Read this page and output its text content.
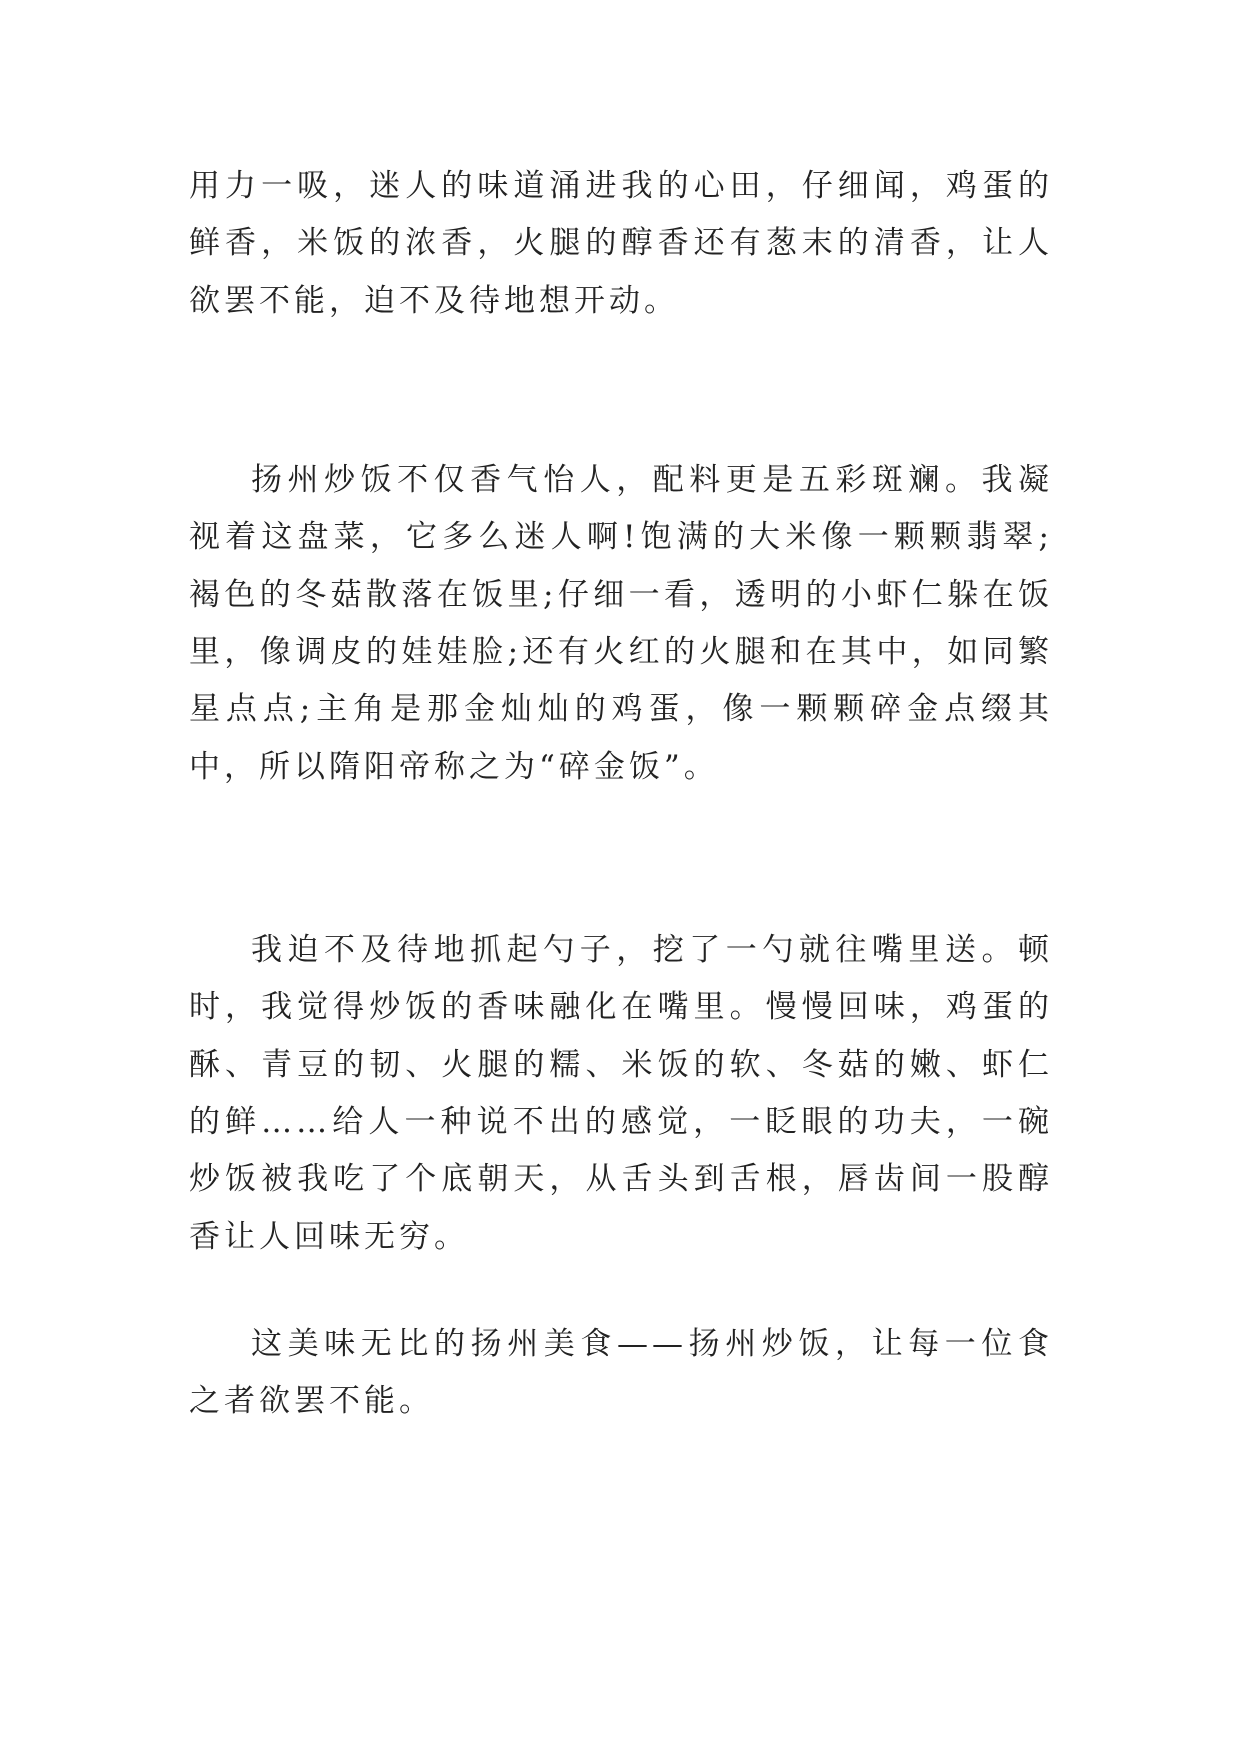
用力一吸，迷人的味道涌进我的心田，仔细闻，鸡蛋的鲜香，米饭的浓香，火腿的醇香还有葱末的清香，让人欲罢不能，迫不及待地想开动。

扬州炒饭不仅香气怡人，配料更是五彩斑斓。我凝视着这盘菜，它多么迷人啊!饱满的大米像一颗颗翡翠;褐色的冬菇散落在饭里;仔细一看，透明的小虾仁躲在饭里，像调皮的娃娃脸;还有火红的火腿和在其中，如同繁星点点;主角是那金灿灿的鸡蛋，像一颗颗碎金点缀其中，所以隋阳帝称之为“碎金饭”。

我迫不及待地抓起勺子，挖了一勺就往嘴里送。顿时，我觉得炒饭的香味融化在嘴里。慢慢回味，鸡蛋的酥、青豆的韧、火腿的糯、米饭的软、冬菇的嫩、虾仁的鲜……给人一种说不出的感觉，一眨眼的功夫，一碗炒饭被我吃了个底朝天，从舌头到舌根，唇齿间一股醇香让人回味无穷。

这美味无比的扬州美食——扬州炒饭，让每一位食之者欲罢不能。
